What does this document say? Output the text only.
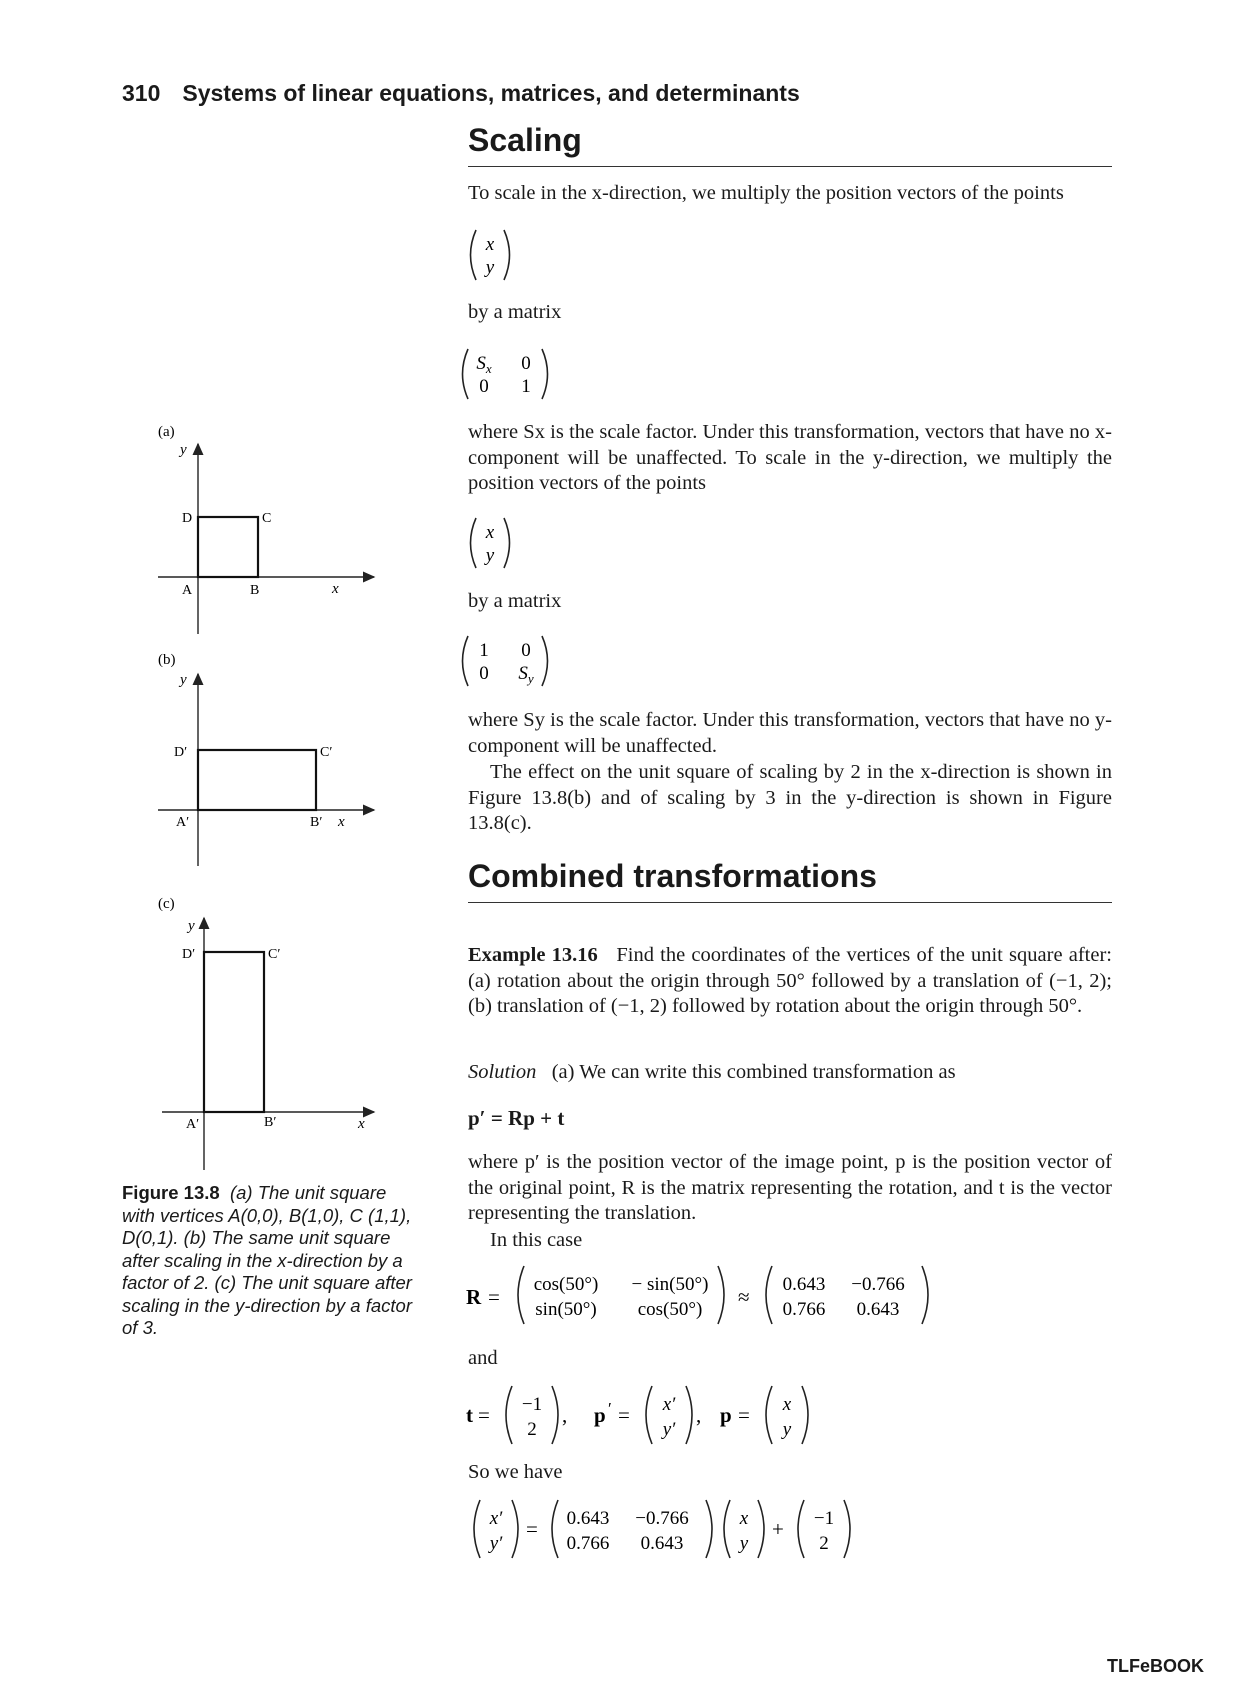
310 Systems of linear equations, matrices, and determinants
Scaling
To scale in the x-direction, we multiply the position vectors of the points
x
y
by a matrix
$S_x$ 0
0 1
where Sx is the scale factor. Under this transformation, vectors that have no x-component will be unaffected. To scale in the y-direction, we multiply the position vectors of the points
x
y
by a matrix
1 0
0 $S_y$
where Sy is the scale factor. Under this transformation, vectors that have no y-component will be unaffected.
The effect on the unit square of scaling by 2 in the x-direction is shown in Figure 13.8(b) and of scaling by 3 in the y-direction is shown in Figure 13.8(c).
Combined transformations
Example 13.16 Find the coordinates of the vertices of the unit square after: (a) rotation about the origin through 50° followed by a translation of (−1, 2); (b) translation of (−1, 2) followed by rotation about the origin through 50°.
Solution (a) We can write this combined transformation as
p′ = Rp + t
where p′ is the position vector of the image point, p is the position vector of the original point, R is the matrix representing the rotation, and t is the vector representing the translation.
In this case
R =
cos(50°) − sin(50°)
sin(50°) cos(50°)
≈
0.643 −0.766
0.766 0.643
and
t = −1
2
, p ′ = x′
y′
, p = x
y
So we have
x′
y′
= 0.643 −0.766
0.766 0.643
x
y
+ −1
2
(a)
y
x
D	C
A	B
(b)
y
x
D′	C′
A′	B′
(c)
y
x
D′	C′
A′	B′
Figure 13.8 (a) The unit square with vertices A(0,0), B(1,0), C (1,1), D(0,1). (b) The same unit square after scaling in the x-direction by a factor of 2. (c) The unit square after scaling in the y-direction by a factor of 3.
TLFeBOOK
